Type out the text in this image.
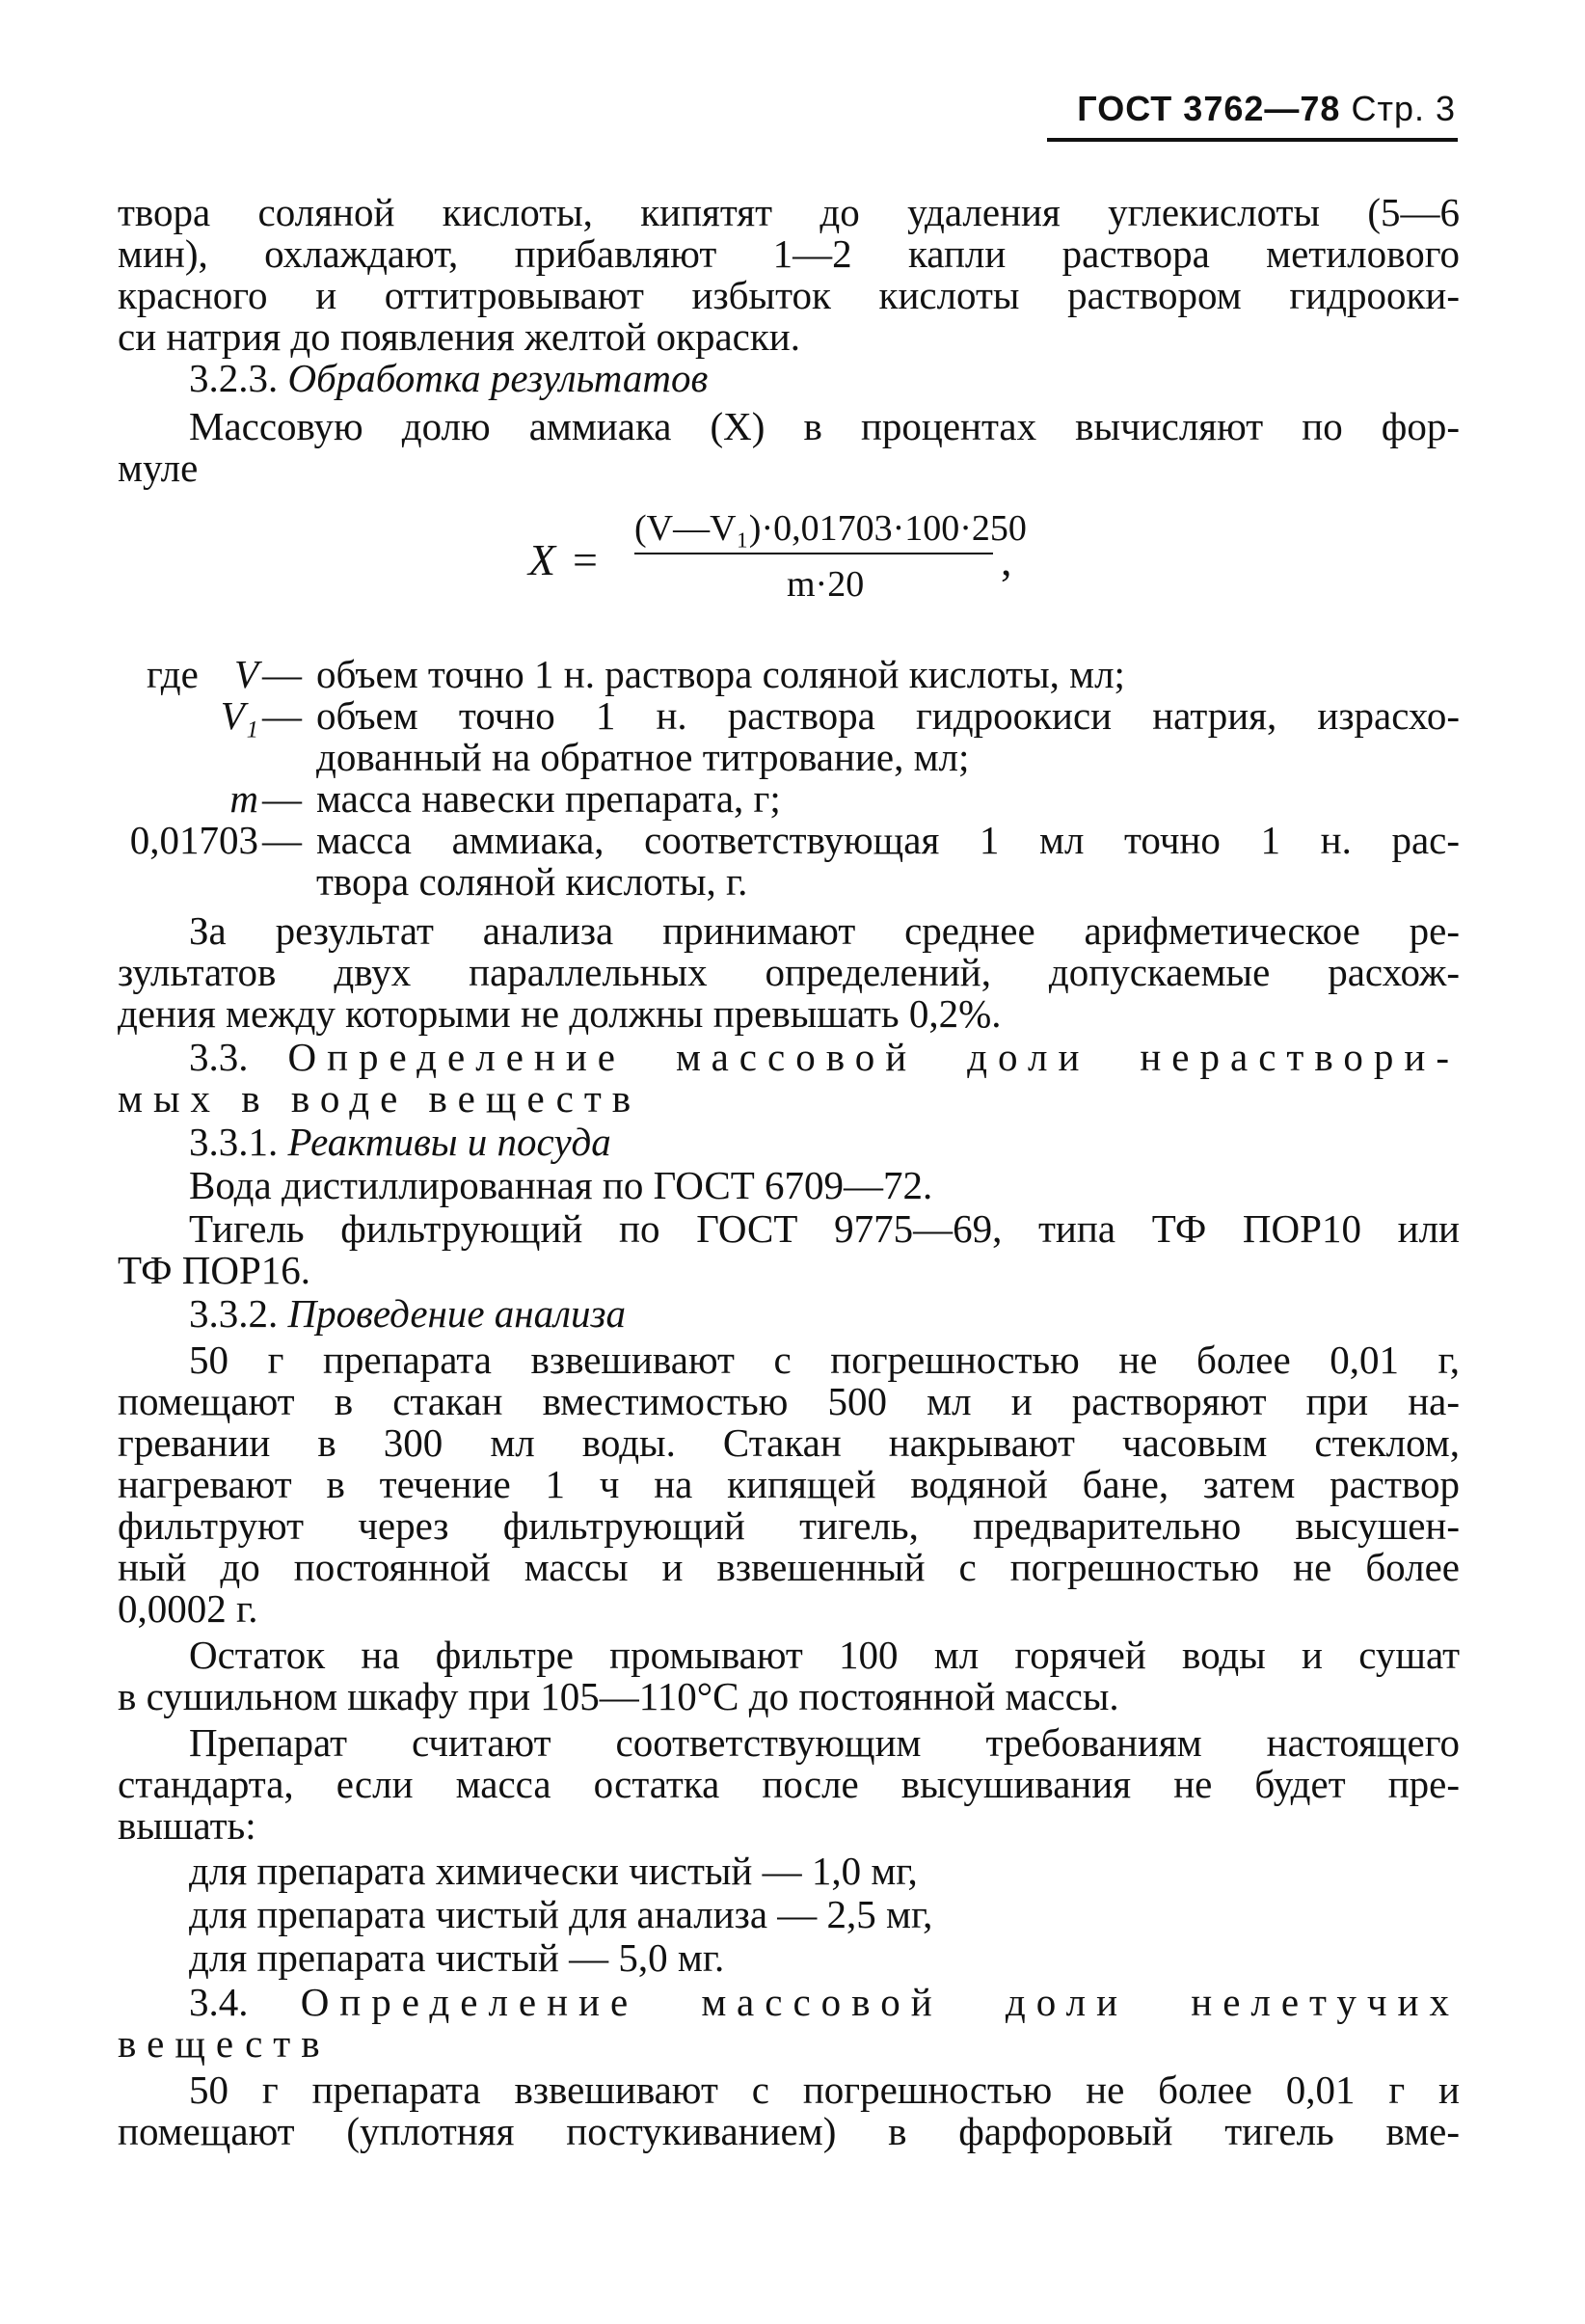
ГОСТ 3762—78 Стр. 3
твора соляной кислоты, кипятят до удаления углекислоты (5—6
мин), охлаждают, прибавляют 1—2 капли раствора метилового
красного и оттитровывают избыток кислоты раствором гидрооки-
си натрия до появления желтой окраски.
3.2.3. Обработка результатов
Массовую долю аммиака (X) в процентах вычисляют по фор-
муле
X =
(V—V₁)·0,01703·100·250
m·20	,
где V — объем точно 1 н. раствора соляной кислоты, мл;
V₁ — объем точно 1 н. раствора гидроокиси натрия, израсхо-
дованный на обратное титрование, мл;
m — масса навески препарата, г;
0,01703 — масса аммиака, соответствующая 1 мл точно 1 н. рас-
твора соляной кислоты, г.
За результат анализа принимают среднее арифметическое ре-
зультатов двух параллельных определений, допускаемые расхож-
дения между которыми не должны превышать 0,2%.
3.3. Определение массовой доли нераствори-
мых в воде веществ
3.3.1. Реактивы и посуда
Вода дистиллированная по ГОСТ 6709—72.
Тигель фильтрующий по ГОСТ 9775—69, типа ТФ ПОР10 или
ТФ ПОР16.
3.3.2. Проведение анализа
50 г препарата взвешивают с погрешностью не более 0,01 г,
помещают в стакан вместимостью 500 мл и растворяют при на-
гревании в 300 мл воды. Стакан накрывают часовым стеклом,
нагревают в течение 1 ч на кипящей водяной бане, затем раствор
фильтруют через фильтрующий тигель, предварительно высушен-
ный до постоянной массы и взвешенный с погрешностью не более
0,0002 г.
Остаток на фильтре промывают 100 мл горячей воды и сушат
в сушильном шкафу при 105—110°С до постоянной массы.
Препарат считают соответствующим требованиям настоящего
стандарта, если масса остатка после высушивания не будет пре-
вышать:
для препарата химически чистый — 1,0 мг,
для препарата чистый для анализа — 2,5 мг,
для препарата чистый — 5,0 мг.
3.4. Определение массовой доли нелетучих
веществ
50 г препарата взвешивают с погрешностью не более 0,01 г и
помещают (уплотняя постукиванием) в фарфоровый тигель вме-
